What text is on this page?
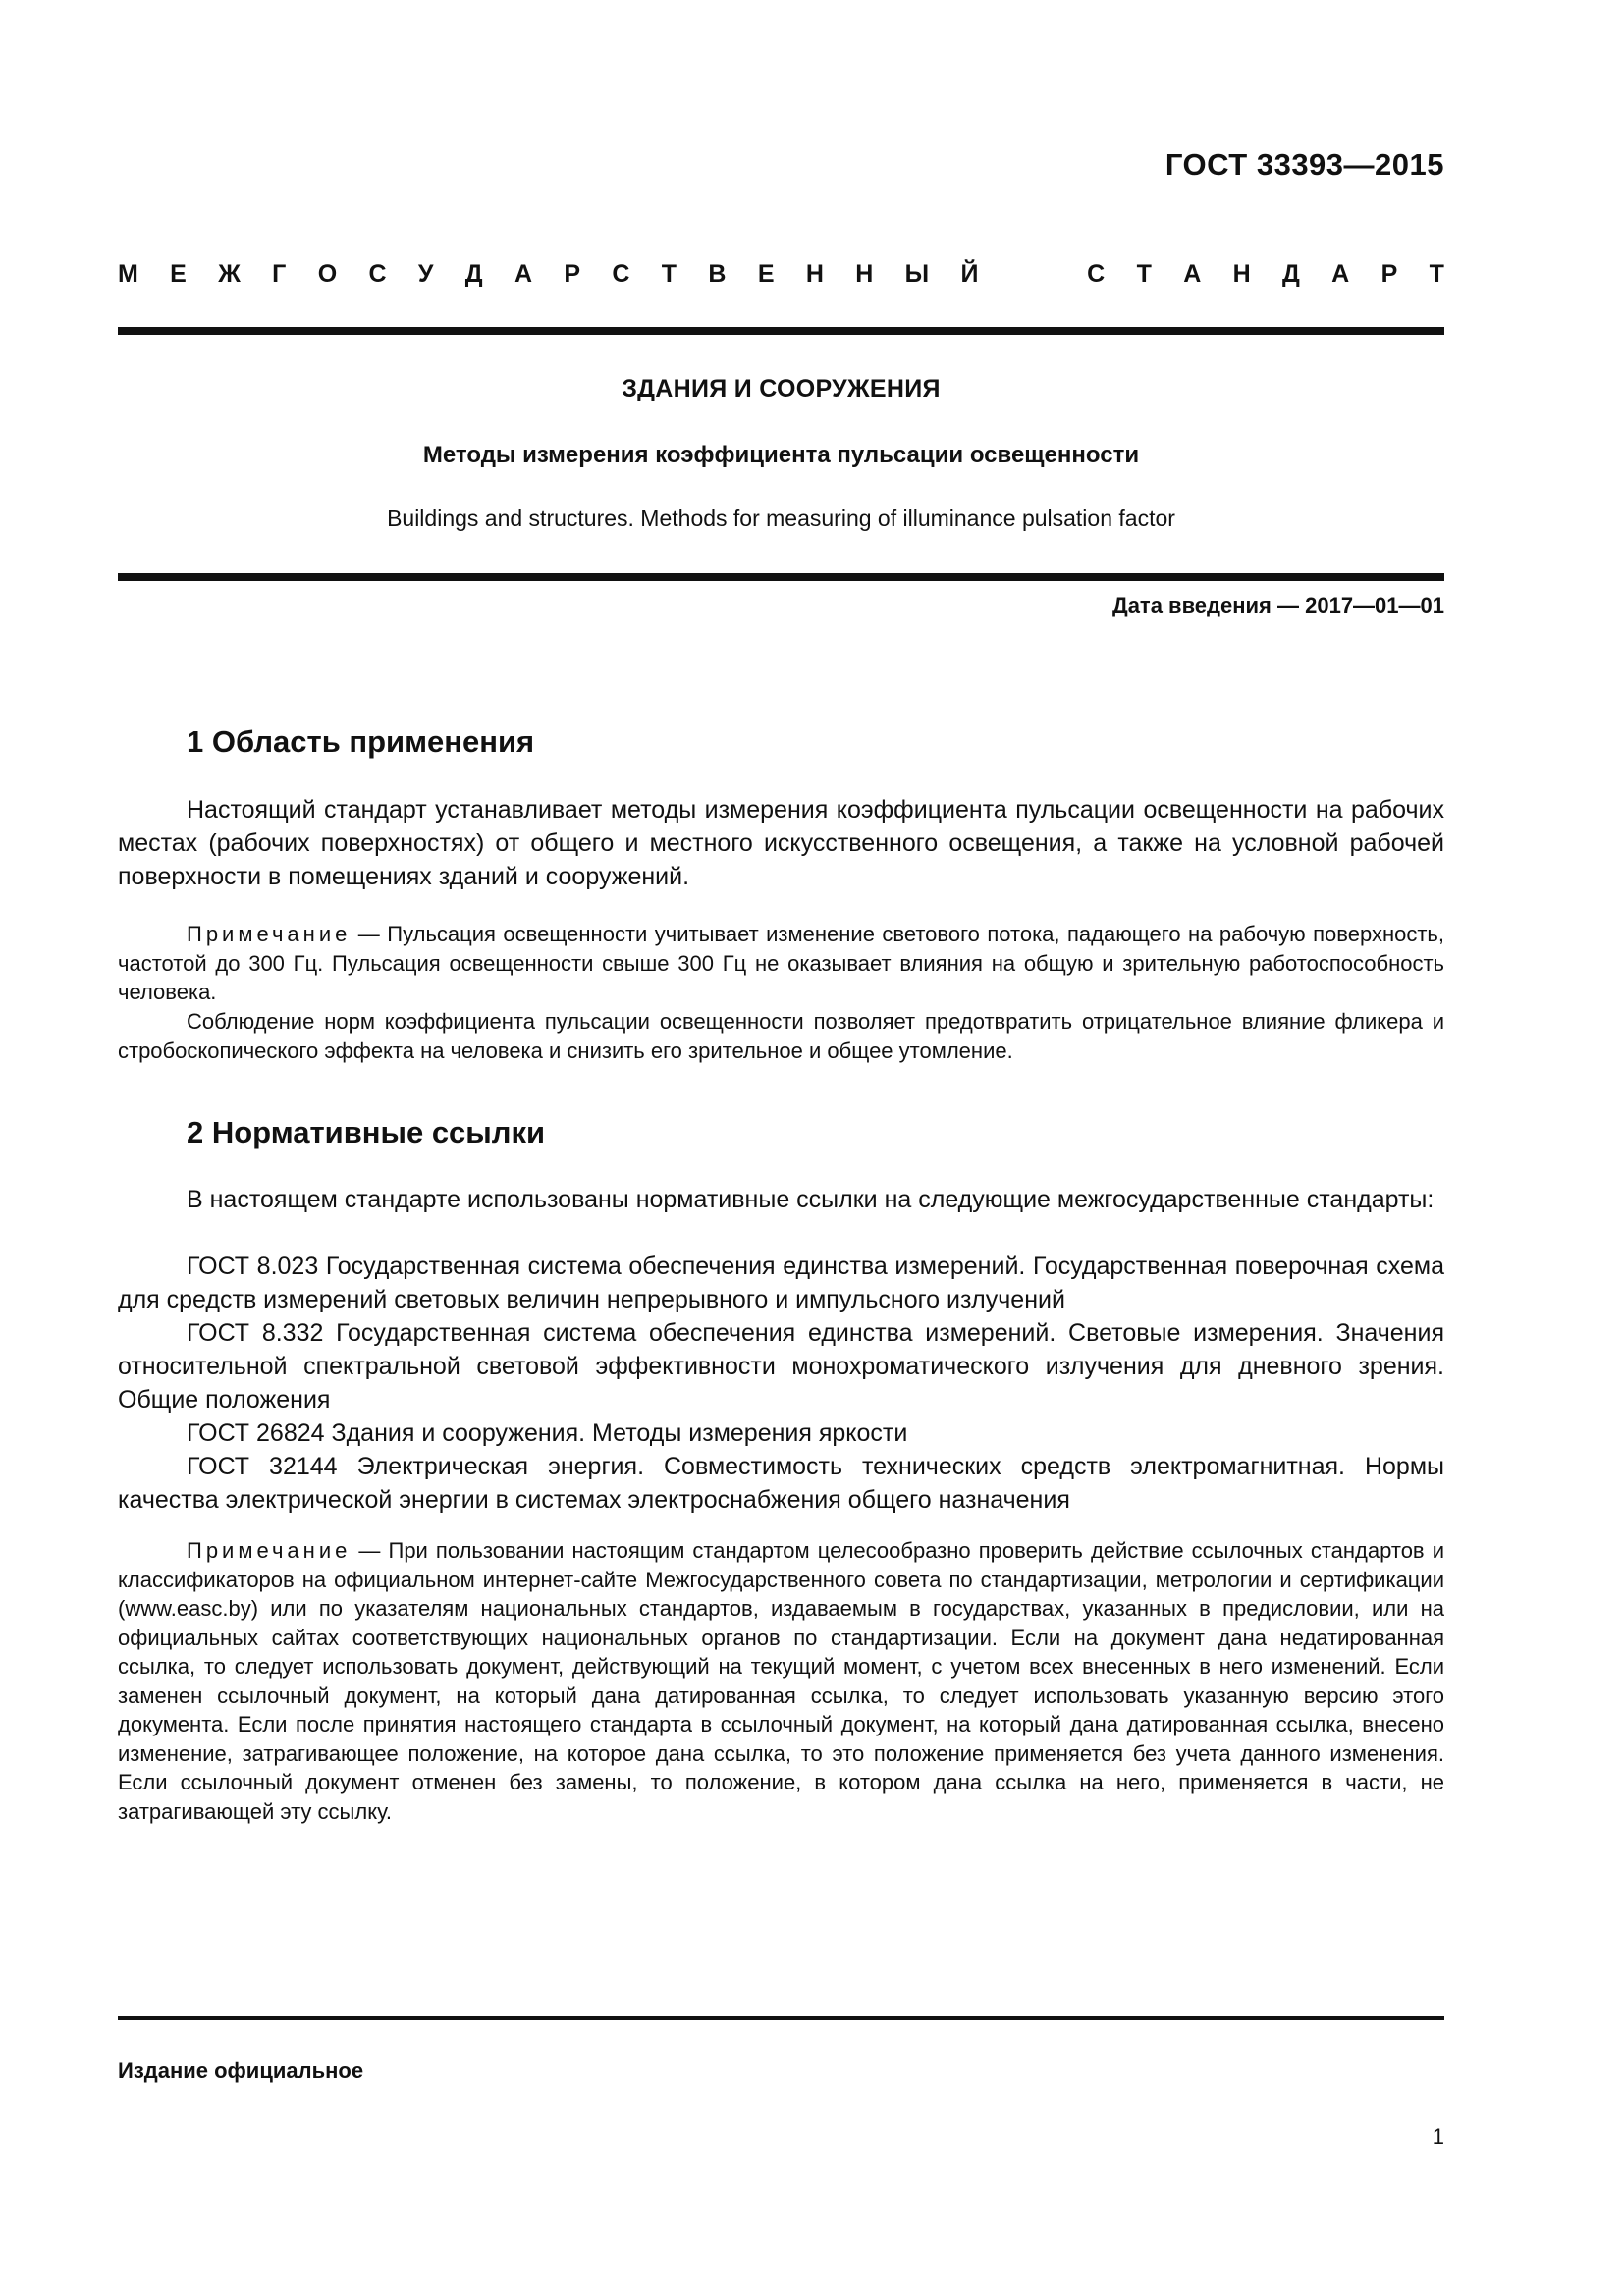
ГОСТ 33393—2015
М Е Ж Г О С У Д А Р С Т В Е Н Н Ы Й	С Т А Н Д А Р Т
ЗДАНИЯ И СООРУЖЕНИЯ
Методы измерения коэффициента пульсации освещенности
Buildings and structures. Methods for measuring of illuminance pulsation factor
Дата введения — 2017—01—01
1 Область применения

Настоящий стандарт устанавливает методы измерения коэффициента пульсации освещенности на рабочих местах (рабочих поверхностях) от общего и местного искусственного освещения, а также на условной рабочей поверхности в помещениях зданий и сооружений.

Примечание — Пульсация освещенности учитывает изменение светового потока, падающего на рабочую поверхность, частотой до 300 Гц. Пульсация освещенности свыше 300 Гц не оказывает влияния на общую и зрительную работоспособность человека.

Соблюдение норм коэффициента пульсации освещенности позволяет предотвратить отрицательное влияние фликера и стробоскопического эффекта на человека и снизить его зрительное и общее утомление.

2 Нормативные ссылки

В настоящем стандарте использованы нормативные ссылки на следующие межгосударственные стандарты:

ГОСТ 8.023 Государственная система обеспечения единства измерений. Государственная поверочная схема для средств измерений световых величин непрерывного и импульсного излучений

ГОСТ 8.332 Государственная система обеспечения единства измерений. Световые измерения. Значения относительной спектральной световой эффективности монохроматического излучения для дневного зрения. Общие положения

ГОСТ 26824 Здания и сооружения. Методы измерения яркости

ГОСТ 32144 Электрическая энергия. Совместимость технических средств электромагнитная. Нормы качества электрической энергии в системах электроснабжения общего назначения

Примечание — При пользовании настоящим стандартом целесообразно проверить действие ссылочных стандартов и классификаторов на официальном интернет-сайте Межгосударственного совета по стандартизации, метрологии и сертификации (www.easc.by) или по указателям национальных стандартов, издаваемым в государствах, указанных в предисловии, или на официальных сайтах соответствующих национальных органов по стандартизации. Если на документ дана недатированная ссылка, то следует использовать документ, действующий на текущий момент, с учетом всех внесенных в него изменений. Если заменен ссылочный документ, на который дана датированная ссылка, то следует использовать указанную версию этого документа. Если после принятия настоящего стандарта в ссылочный документ, на который дана датированная ссылка, внесено изменение, затрагивающее положение, на которое дана ссылка, то это положение применяется без учета данного изменения. Если ссылочный документ отменен без замены, то положение, в котором дана ссылка на него, применяется в части, не затрагивающей эту ссылку.

Издание официальное
1
